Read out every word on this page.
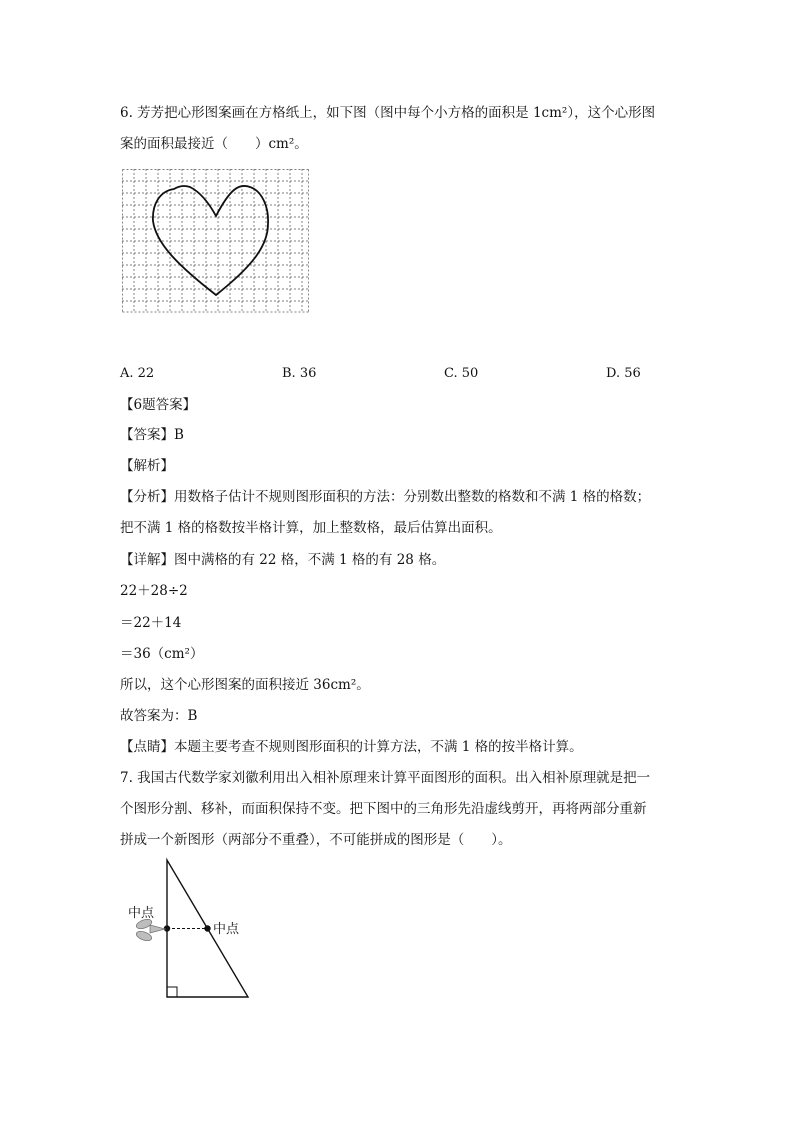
6. 芳芳把心形图案画在方格纸上，如下图（图中每个小方格的面积是 1cm²），这个心形图
案的面积最接近（　　）cm²。
A. 22	B. 36	C. 50	D. 56
【6题答案】
【答案】B
【解析】
【分析】用数格子估计不规则图形面积的方法：分别数出整数的格数和不满 1 格的格数；
把不满 1 格的格数按半格计算，加上整数格，最后估算出面积。
【详解】图中满格的有 22 格，不满 1 格的有 28 格。
22＋28÷2
＝22＋14
＝36（cm²）
所以，这个心形图案的面积接近 36cm²。
故答案为：B
【点睛】本题主要考查不规则图形面积的计算方法，不满 1 格的按半格计算。
7. 我国古代数学家刘徽利用出入相补原理来计算平面图形的面积。出入相补原理就是把一
个图形分割、移补，而面积保持不变。把下图中的三角形先沿虚线剪开，再将两部分重新
拼成一个新图形（两部分不重叠），不可能拼成的图形是（　　）。
中点
中点
